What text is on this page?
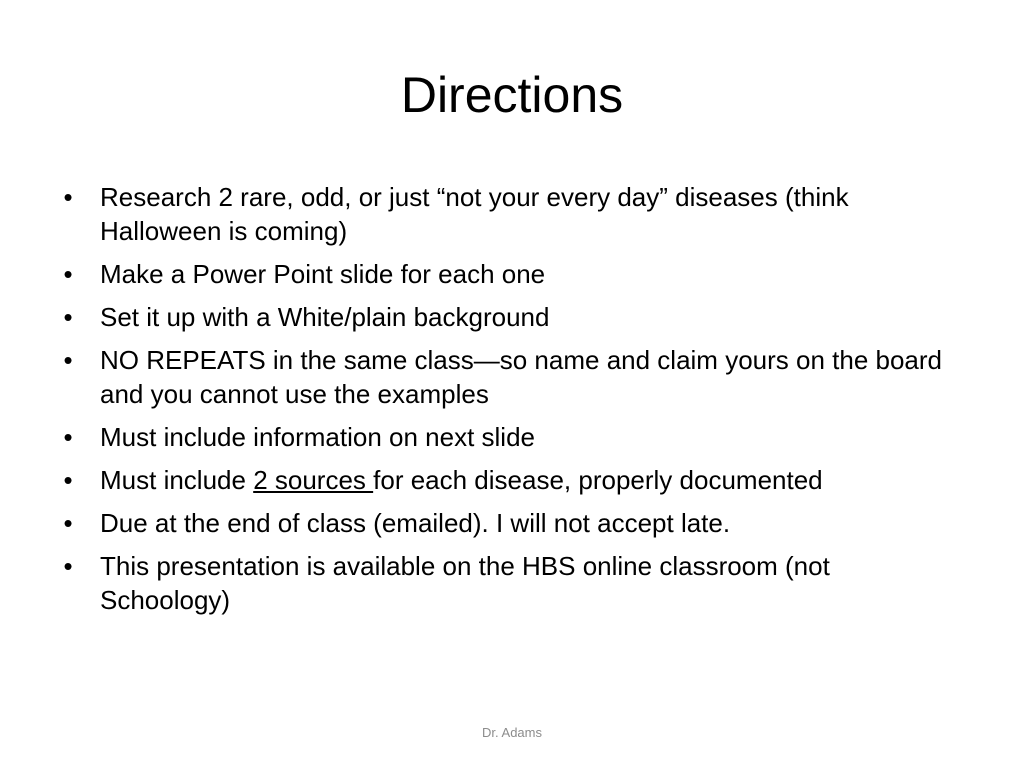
Directions
• Research 2 rare, odd, or just “not your every day” diseases (think Halloween is coming)
• Make a Power Point slide for each one
• Set it up with a White/plain background
• NO REPEATS in the same class—so name and claim yours on the board and you cannot use the examples
• Must include information on next slide
• Must include 2 sources for each disease, properly documented
• Due at the end of class (emailed). I will not accept late.
• This presentation is available on the HBS online classroom (not Schoology)
Dr. Adams
